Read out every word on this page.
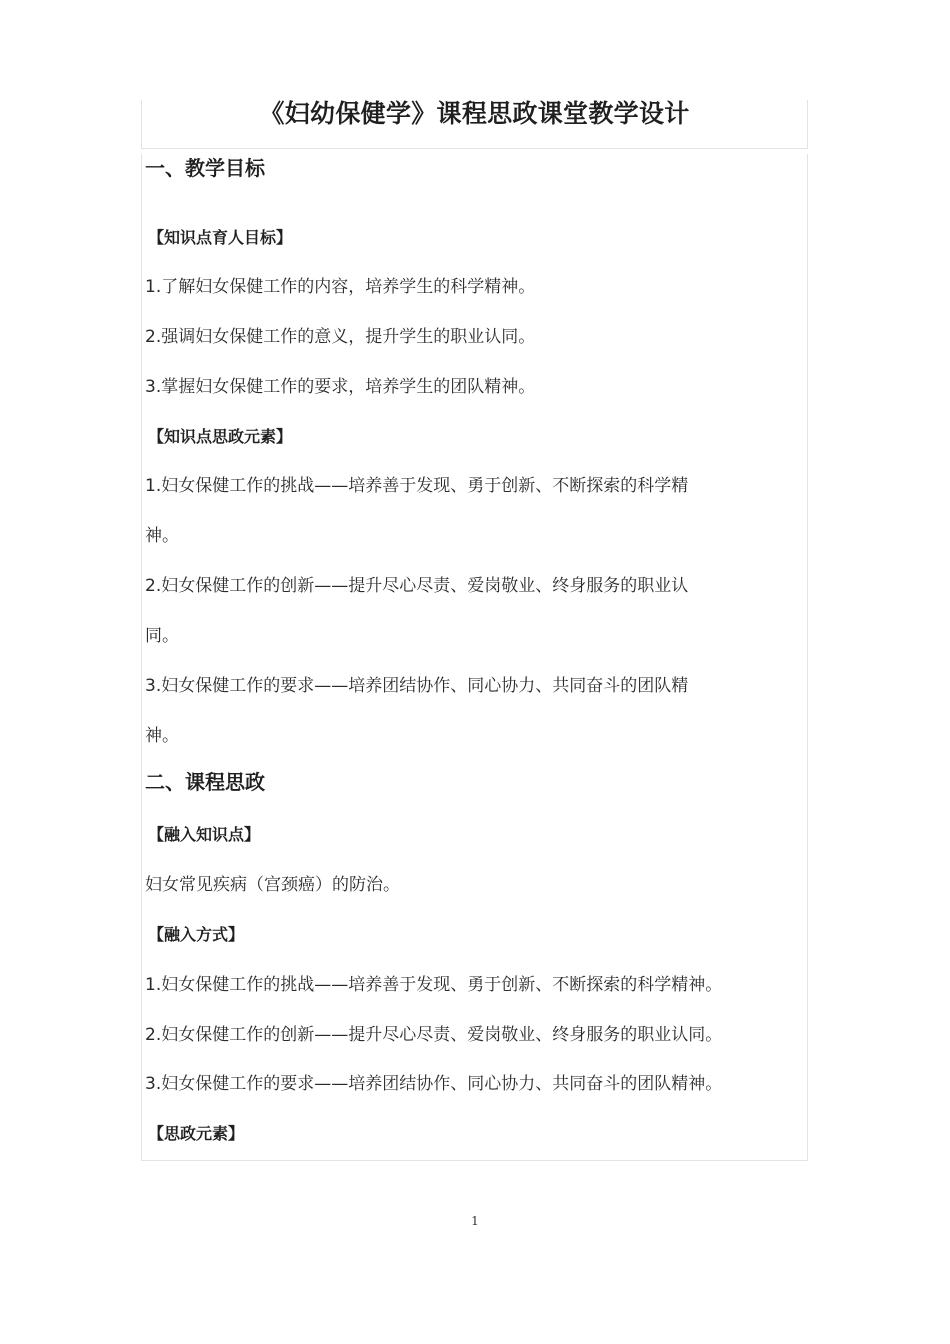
《妇幼保健学》课程思政课堂教学设计
一、教学目标
【知识点育人目标】
1.了解妇女保健工作的内容，培养学生的科学精神。
2.强调妇女保健工作的意义，提升学生的职业认同。
3.掌握妇女保健工作的要求，培养学生的团队精神。
【知识点思政元素】
1.妇女保健工作的挑战——培养善于发现、勇于创新、不断探索的科学精
神。
2.妇女保健工作的创新——提升尽心尽责、爱岗敬业、终身服务的职业认
同。
3.妇女保健工作的要求——培养团结协作、同心协力、共同奋斗的团队精
神。
二、课程思政
【融入知识点】
妇女常见疾病（宫颈癌）的防治。
【融入方式】
1.妇女保健工作的挑战——培养善于发现、勇于创新、不断探索的科学精神。
2.妇女保健工作的创新——提升尽心尽责、爱岗敬业、终身服务的职业认同。
3.妇女保健工作的要求——培养团结协作、同心协力、共同奋斗的团队精神。
【思政元素】
1
